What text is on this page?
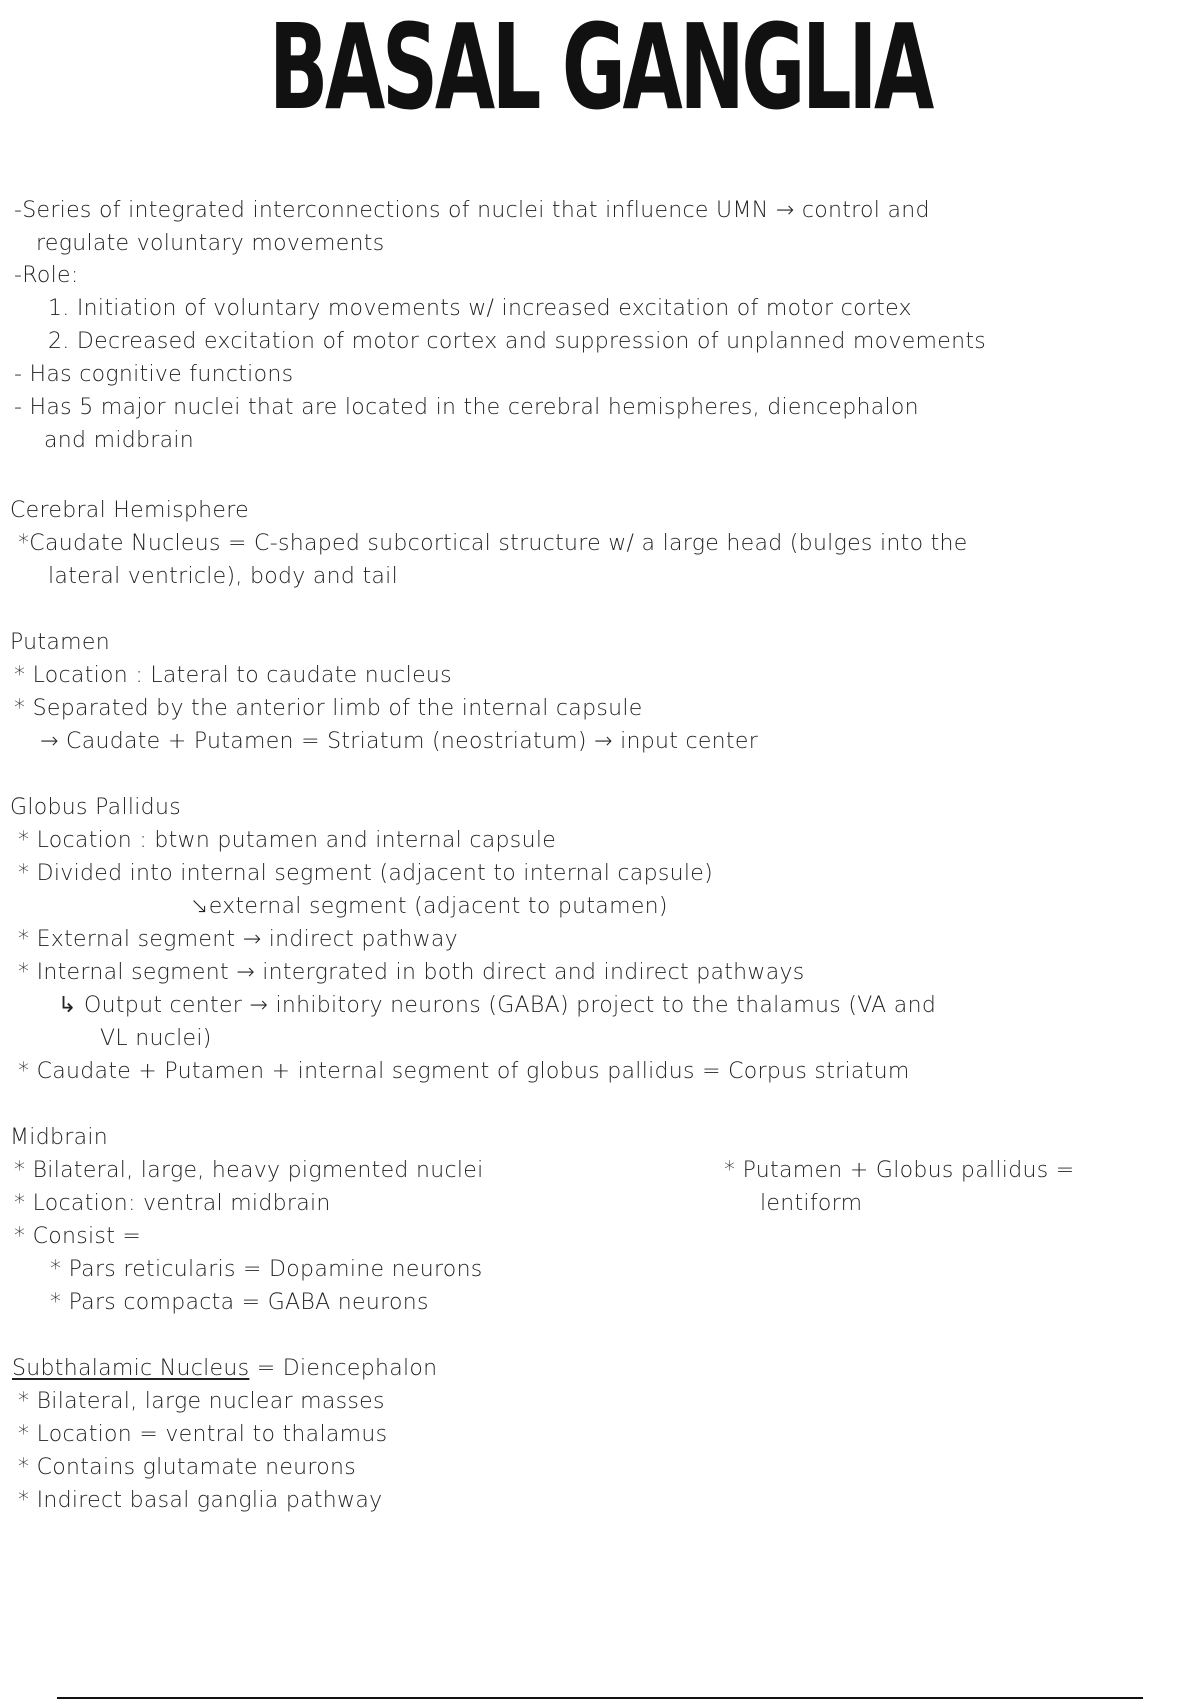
BASAL GANGLIA
-Series of integrated interconnections of nuclei that influence UMN → control and
regulate voluntary movements
-Role:
1. Initiation of voluntary movements w/ increased excitation of motor cortex
2. Decreased excitation of motor cortex and suppression of unplanned movements
- Has cognitive functions
- Has 5 major nuclei that are located in the cerebral hemispheres, diencephalon
and midbrain
Cerebral Hemisphere
*Caudate Nucleus = C-shaped subcortical structure w/ a large head (bulges into the
lateral ventricle), body and tail
Putamen
* Location : Lateral to caudate nucleus
* Separated by the anterior limb of the internal capsule
→ Caudate + Putamen = Striatum (neostriatum) → input center
Globus Pallidus
* Location : btwn putamen and internal capsule
* Divided into internal segment (adjacent to internal capsule)
↘external segment (adjacent to putamen)
* External segment → indirect pathway
* Internal segment → intergrated in both direct and indirect pathways
↳ Output center → inhibitory neurons (GABA) project to the thalamus (VA and
VL nuclei)
* Caudate + Putamen + internal segment of globus pallidus = Corpus striatum
Midbrain
* Bilateral, large, heavy pigmented nuclei
* Location: ventral midbrain
* Consist =
* Pars reticularis = Dopamine neurons
* Pars compacta = GABA neurons
* Putamen + Globus pallidus =
lentiform
Subthalamic Nucleus = Diencephalon
* Bilateral, large nuclear masses
* Location = ventral to thalamus
* Contains glutamate neurons
* Indirect basal ganglia pathway
